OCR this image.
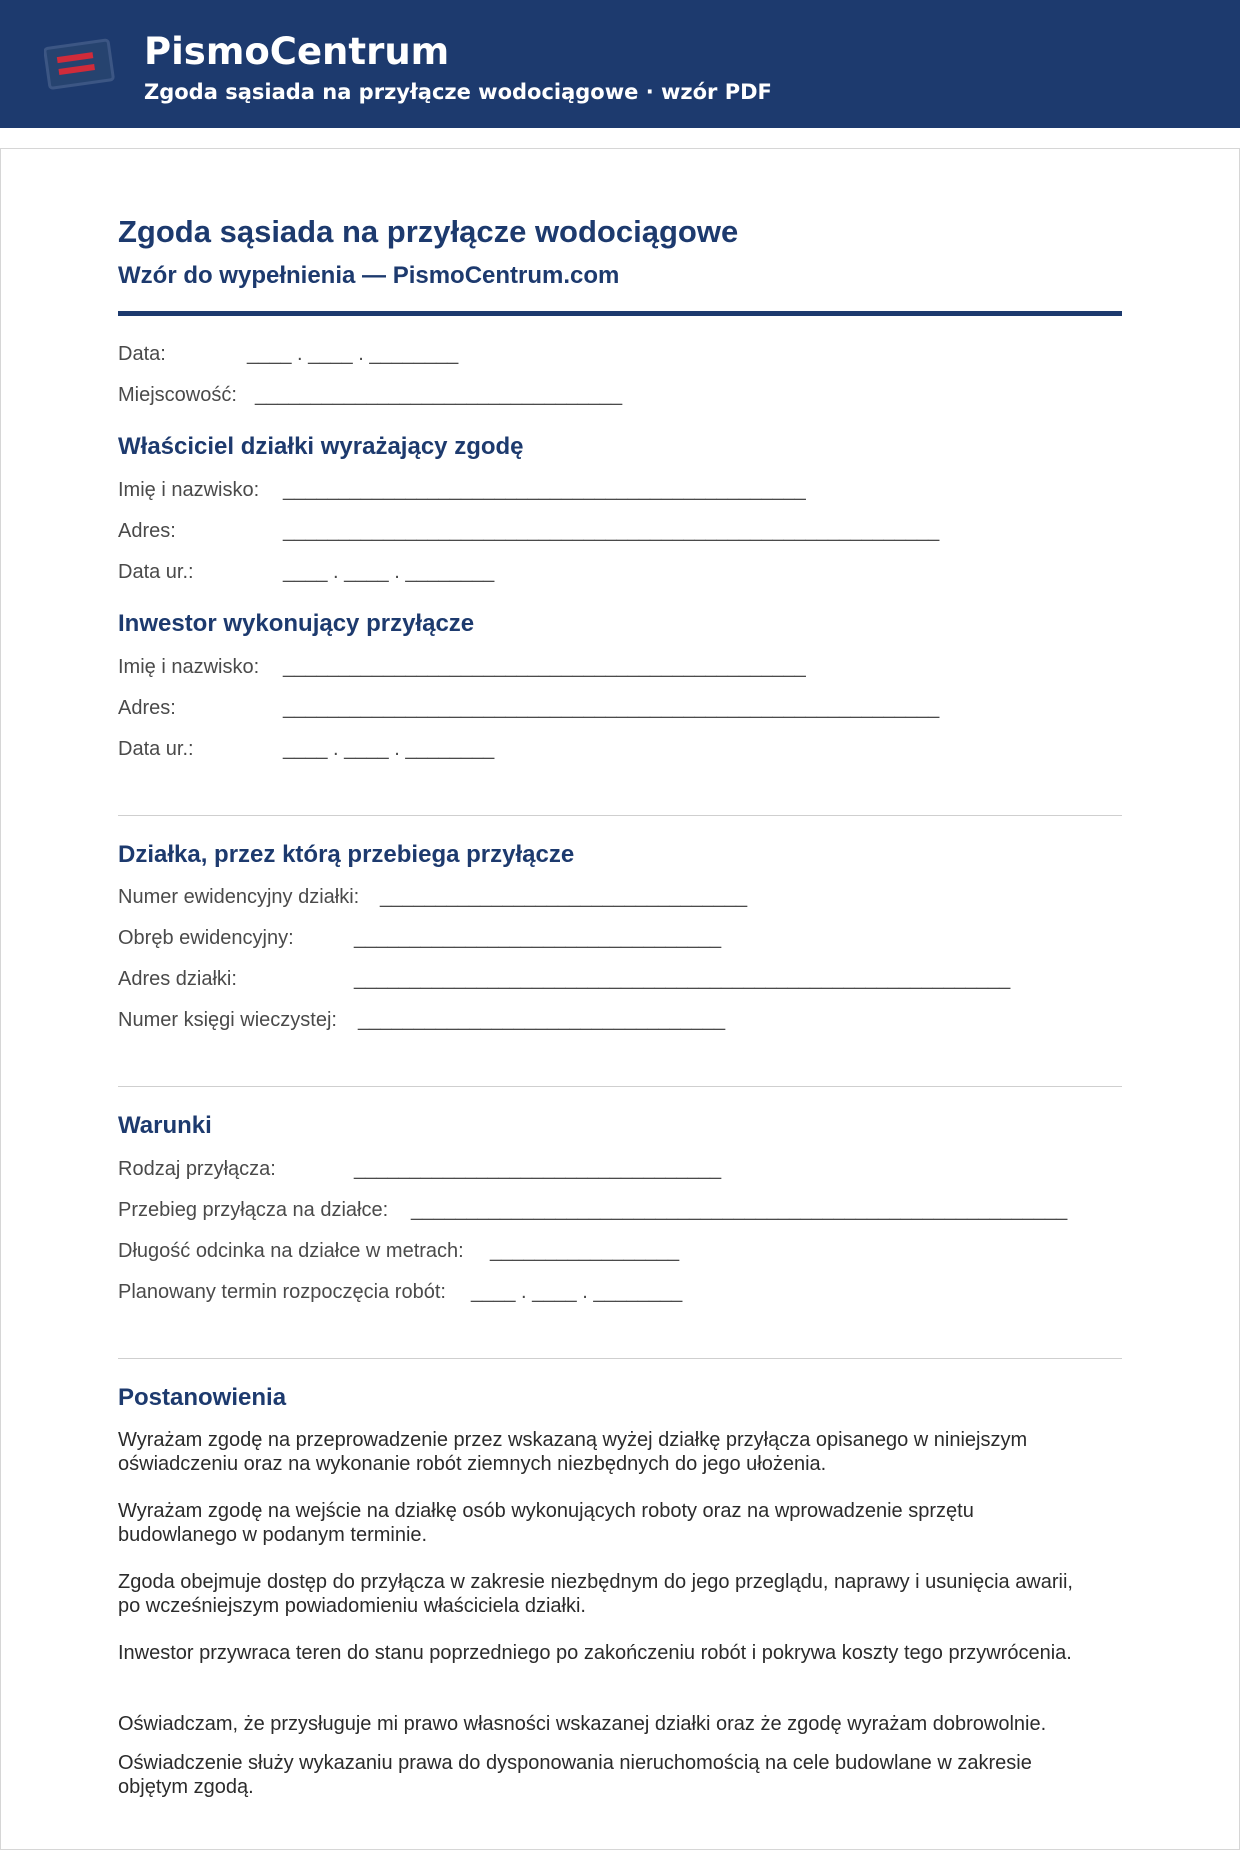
PismoCentrum
Zgoda sąsiada na przyłącze wodociągowe · wzór PDF
Zgoda sąsiada na przyłącze wodociągowe
Wzór do wypełnienia — PismoCentrum.com
Data:	____ . ____ . ________
Miejscowość: _________________________________
Właściciel działki wyrażający zgodę
Imię i nazwisko: _______________________________________________
Adres:	___________________________________________________________
Data ur.:	____ . ____ . ________
Inwestor wykonujący przyłącze
Imię i nazwisko: _______________________________________________
Adres:	___________________________________________________________
Data ur.:	____ . ____ . ________
Działka, przez którą przebiega przyłącze
Numer ewidencyjny działki: _________________________________
Obręb ewidencyjny:	_________________________________
Adres działki:	___________________________________________________________
Numer księgi wieczystej: _________________________________
Warunki
Rodzaj przyłącza:	_________________________________
Przebieg przyłącza na działce: ___________________________________________________________
Długość odcinka na działce w metrach: _________________
Planowany termin rozpoczęcia robót: ____ . ____ . ________
Postanowienia
Wyrażam zgodę na przeprowadzenie przez wskazaną wyżej działkę przyłącza opisanego w niniejszym oświadczeniu oraz na wykonanie robót ziemnych niezbędnych do jego ułożenia.
Wyrażam zgodę na wejście na działkę osób wykonujących roboty oraz na wprowadzenie sprzętu budowlanego w podanym terminie.
Zgoda obejmuje dostęp do przyłącza w zakresie niezbędnym do jego przeglądu, naprawy i usunięcia awarii, po wcześniejszym powiadomieniu właściciela działki.
Inwestor przywraca teren do stanu poprzedniego po zakończeniu robót i pokrywa koszty tego przywrócenia.
Oświadczam, że przysługuje mi prawo własności wskazanej działki oraz że zgodę wyrażam dobrowolnie.
Oświadczenie służy wykazaniu prawa do dysponowania nieruchomością na cele budowlane w zakresie objętym zgodą.
